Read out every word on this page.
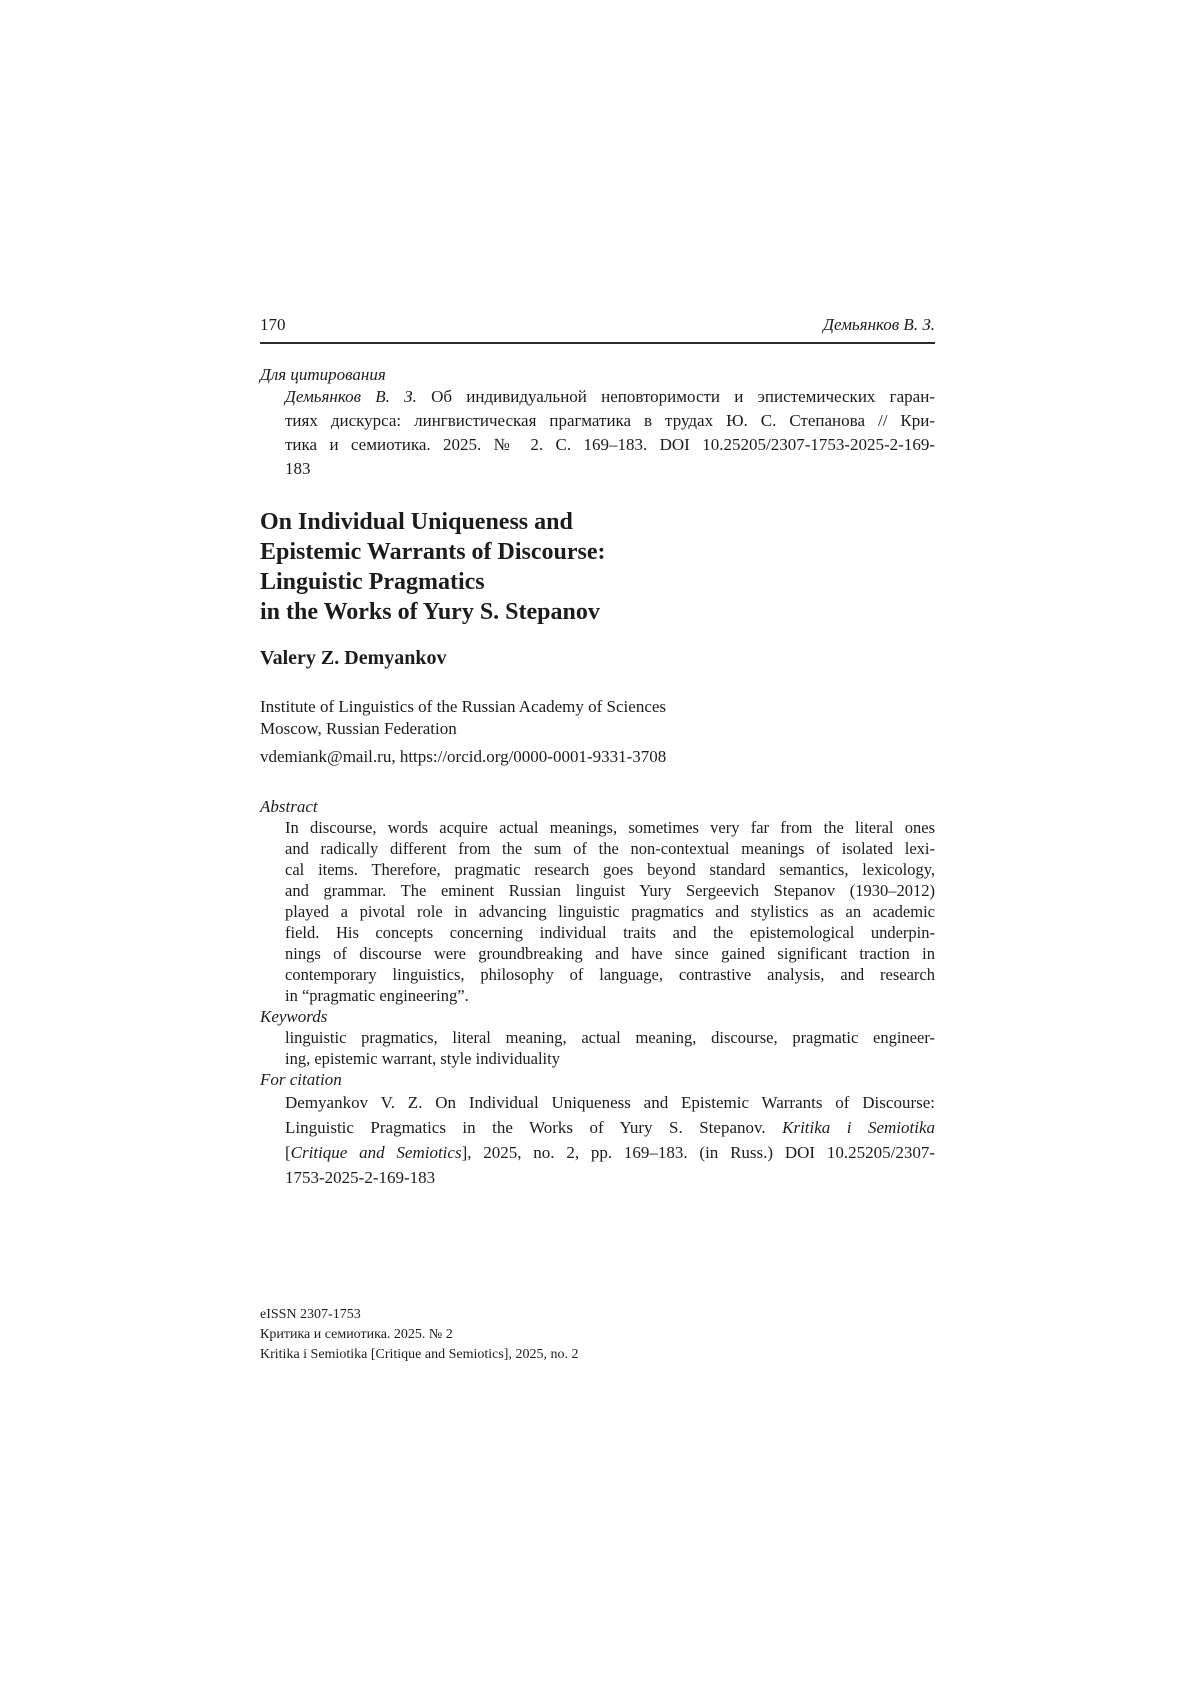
170	Демьянков В. З.
Для цитирования
Демьянков В. З. Об индивидуальной неповторимости и эпистемических гаран-
тиях дискурса: лингвистическая прагматика в трудах Ю. С. Степанова // Кри-
тика и семиотика. 2025. № 2. С. 169–183. DOI 10.25205/2307-1753-2025-2-169-
183
On Individual Uniqueness and
Epistemic Warrants of Discourse:
Linguistic Pragmatics
in the Works of Yury S. Stepanov
Valery Z. Demyankov
Institute of Linguistics of the Russian Academy of Sciences
Moscow, Russian Federation
vdemiank@mail.ru, https://orcid.org/0000-0001-9331-3708
Abstract
In discourse, words acquire actual meanings, sometimes very far from the literal ones
and radically different from the sum of the non-contextual meanings of isolated lexi-
cal items. Therefore, pragmatic research goes beyond standard semantics, lexicology,
and grammar. The eminent Russian linguist Yury Sergeevich Stepanov (1930–2012)
played a pivotal role in advancing linguistic pragmatics and stylistics as an academic
field. His concepts concerning individual traits and the epistemological underpin-
nings of discourse were groundbreaking and have since gained significant traction in
contemporary linguistics, philosophy of language, contrastive analysis, and research
in “pragmatic engineering”.
Keywords
linguistic pragmatics, literal meaning, actual meaning, discourse, pragmatic engineer-
ing, epistemic warrant, style individuality
For citation
Demyankov V. Z. On Individual Uniqueness and Epistemic Warrants of Discourse:
Linguistic Pragmatics in the Works of Yury S. Stepanov. Kritika i Semiotika
[Critique and Semiotics], 2025, no. 2, pp. 169–183. (in Russ.) DOI 10.25205/2307-
1753-2025-2-169-183
eISSN 2307-1753
Критика и семиотика. 2025. № 2
Kritika i Semiotika [Critique and Semiotics], 2025, no. 2
